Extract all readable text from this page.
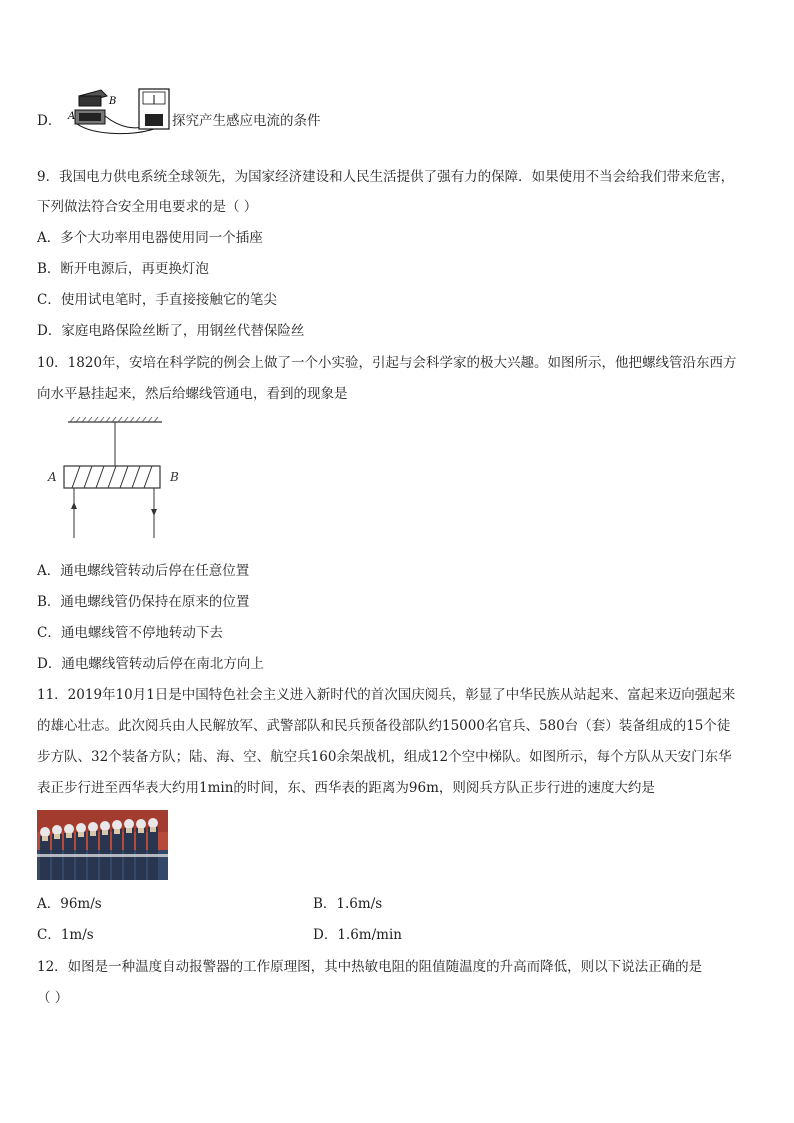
D． A
B
探究产生感应电流的条件
9．我国电力供电系统全球领先，为国家经济建设和人民生活提供了强有力的保障．如果使用不当会给我们带来危害，
下列做法符合安全用电要求的是（ ）
A．多个大功率用电器使用同一个插座
B．断开电源后，再更换灯泡
C．使用试电笔时，手直接接触它的笔尖
D．家庭电路保险丝断了，用钢丝代替保险丝
10．1820年，安培在科学院的例会上做了一个小实验，引起与会科学家的极大兴趣。如图所示，他把螺线管沿东西方
向水平悬挂起来，然后给螺线管通电，看到的现象是
A	B
A．通电螺线管转动后停在任意位置
B．通电螺线管仍保持在原来的位置
C．通电螺线管不停地转动下去
D．通电螺线管转动后停在南北方向上
11．2019年10月1日是中国特色社会主义进入新时代的首次国庆阅兵，彰显了中华民族从站起来、富起来迈向强起来
的雄心壮志。此次阅兵由人民解放军、武警部队和民兵预备役部队约15000名官兵、580台（套）装备组成的15个徒
步方队、32个装备方队；陆、海、空、航空兵160余架战机，组成12个空中梯队。如图所示，每个方队从天安门东华
表正步行进至西华表大约用1min的时间，东、西华表的距离为96m，则阅兵方队正步行进的速度大约是
A．96m/s	B．1.6m/s
C．1m/s	D．1.6m/min
12．如图是一种温度自动报警器的工作原理图，其中热敏电阻的阻值随温度的升高而降低，则以下说法正确的是
（ ）
